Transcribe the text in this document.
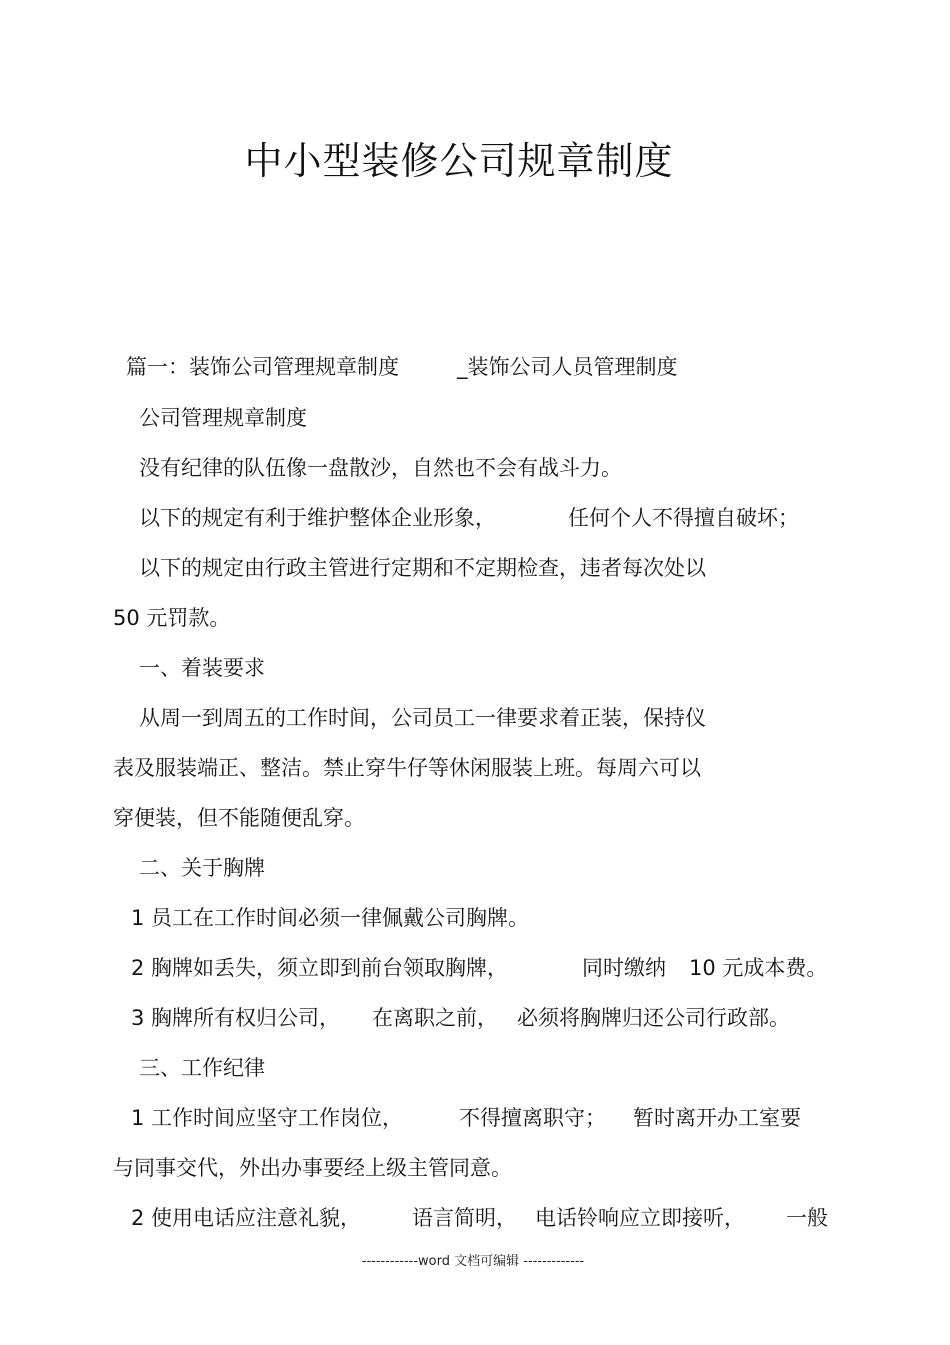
中小型装修公司规章制度
篇一：装饰公司管理规章制度	_装饰公司人员管理制度
公司管理规章制度
没有纪律的队伍像一盘散沙，自然也不会有战斗力。
以下的规定有利于维护整体企业形象，	任何个人不得擅自破坏；
以下的规定由行政主管进行定期和不定期检查，违者每次处以
50 元罚款。
一、着装要求
从周一到周五的工作时间，公司员工一律要求着正装，保持仪
表及服装端正、整洁。禁止穿牛仔等休闲服装上班。每周六可以
穿便装，但不能随便乱穿。
二、关于胸牌
1 员工在工作时间必须一律佩戴公司胸牌。
2 胸牌如丢失，须立即到前台领取胸牌，	同时缴纳 10 元成本费。
3 胸牌所有权归公司， 在离职之前， 必须将胸牌归还公司行政部。
三、工作纪律
1 工作时间应坚守工作岗位，	不得擅离职守； 暂时离开办工室要
与同事交代，外出办事要经上级主管同意。
2 使用电话应注意礼貌， 语言简明， 电话铃响应立即接听， 一般
------------word 文档可编辑 -------------
